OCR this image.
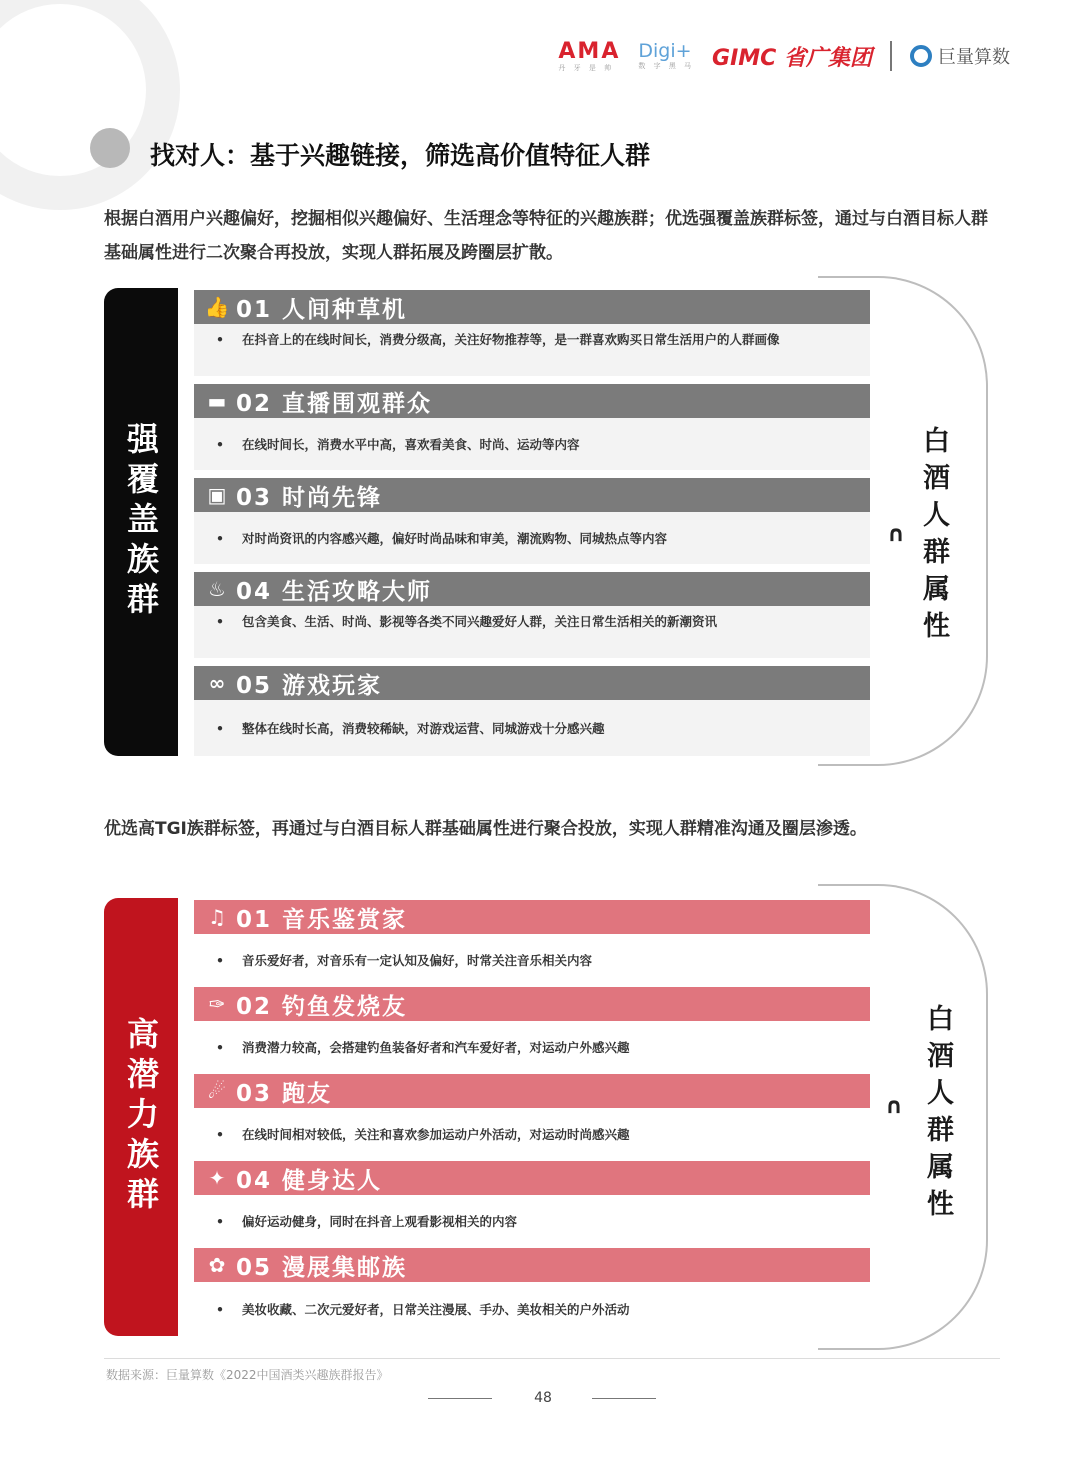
AMA
丹 牙 是 帅
Digi+
数 字 黑 马 GIMC 省广集团	巨量算数
找对人：基于兴趣链接，筛选高价值特征人群
根据白酒用户兴趣偏好，挖掘相似兴趣偏好、生活理念等特征的兴趣族群；优选强覆盖族群标签，通过与白酒目标人群基础属性进行二次聚合再投放，实现人群拓展及跨圈层扩散。
强覆盖族群	∩ 白酒人群属性
👍 01 人间种草机
•	在抖音上的在线时间长，消费分级高，关注好物推荐等，是一群喜欢购买日常生活用户的人群画像
▬ 02 直播围观群众
•	在线时间长，消费水平中高，喜欢看美食、时尚、运动等内容
▣ 03 时尚先锋
•	对时尚资讯的内容感兴趣，偏好时尚品味和审美，潮流购物、同城热点等内容
♨ 04 生活攻略大师
•	包含美食、生活、时尚、影视等各类不同兴趣爱好人群，关注日常生活相关的新潮资讯
∞ 05 游戏玩家
•	整体在线时长高，消费较稀缺，对游戏运营、同城游戏十分感兴趣
优选高TGI族群标签，再通过与白酒目标人群基础属性进行聚合投放，实现人群精准沟通及圈层渗透。
高潜力族群	∩ 白酒人群属性
♫ 01 音乐鉴赏家
•	音乐爱好者，对音乐有一定认知及偏好，时常关注音乐相关内容
✑ 02 钓鱼发烧友
•	消费潜力较高，会搭建钓鱼装备好者和汽车爱好者，对运动户外感兴趣
☄ 03 跑友
•	在线时间相对较低，关注和喜欢参加运动户外活动，对运动时尚感兴趣
✦ 04 健身达人
•	偏好运动健身，同时在抖音上观看影视相关的内容
✿ 05 漫展集邮族
•	美妆收藏、二次元爱好者，日常关注漫展、手办、美妆相关的户外活动
数据来源：巨量算数《2022中国酒类兴趣族群报告》
48
